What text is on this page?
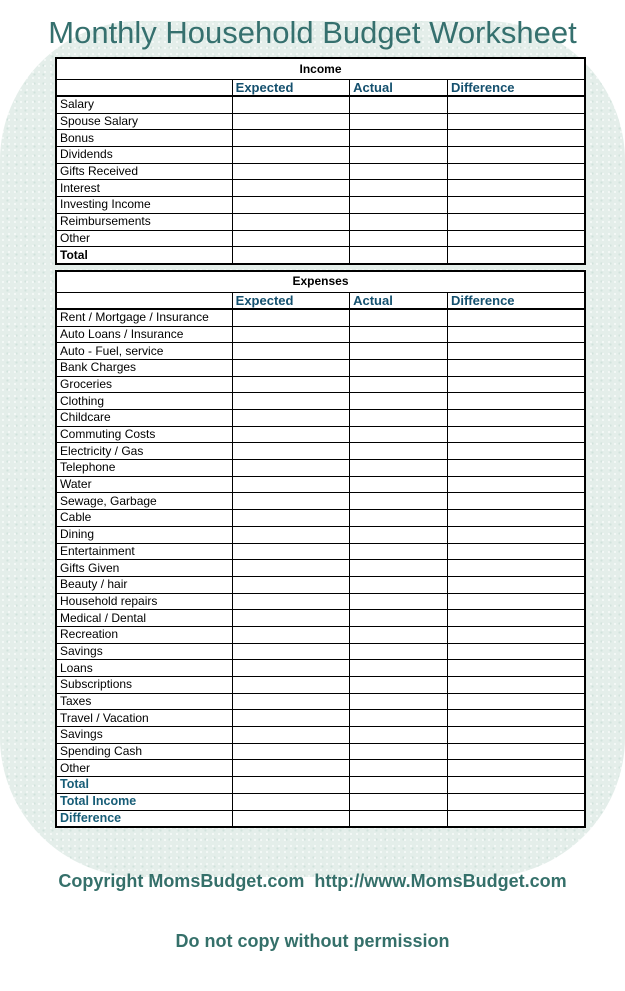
Monthly Household Budget Worksheet
Income			
	Expected	Actual	Difference
Salary			
Spouse Salary			
Bonus			
Dividends			
Gifts Received			
Interest			
Investing Income			
Reimbursements			
Other			
Total			
Expenses			
	Expected	Actual	Difference
Rent / Mortgage / Insurance			
Auto Loans / Insurance			
Auto - Fuel, service			
Bank Charges			
Groceries			
Clothing			
Childcare			
Commuting Costs			
Electricity / Gas			
Telephone			
Water			
Sewage, Garbage			
Cable			
Dining			
Entertainment			
Gifts Given			
Beauty / hair			
Household repairs			
Medical / Dental			
Recreation			
Savings			
Loans			
Subscriptions			
Taxes			
Travel / Vacation			
Savings			
Spending Cash			
Other			
Total			
Total Income			
Difference			

Copyright MomsBudget.com  http://www.MomsBudget.com

Do not copy without permission
